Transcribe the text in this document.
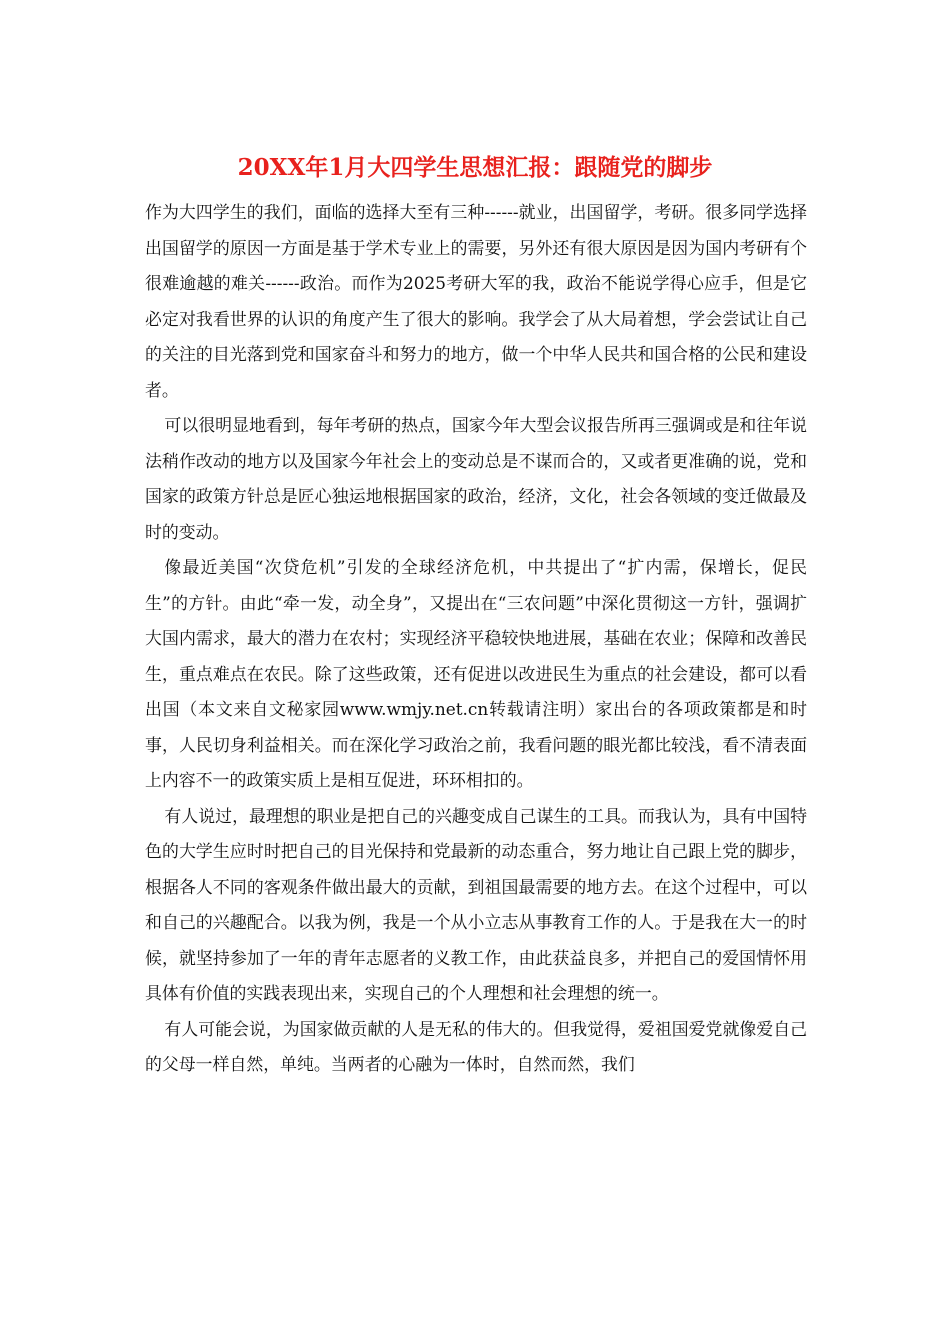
20XX年1月大四学生思想汇报：跟随党的脚步

作为大四学生的我们，面临的选择大至有三种------就业，出国留学，考研。很多同学选择出国留学的原因一方面是基于学术专业上的需要，另外还有很大原因是因为国内考研有个很难逾越的难关------政治。而作为2025考研大军的我，政治不能说学得心应手，但是它必定对我看世界的认识的角度产生了很大的影响。我学会了从大局着想，学会尝试让自己的关注的目光落到党和国家奋斗和努力的地方，做一个中华人民共和国合格的公民和建设者。

可以很明显地看到，每年考研的热点，国家今年大型会议报告所再三强调或是和往年说法稍作改动的地方以及国家今年社会上的变动总是不谋而合的，又或者更准确的说，党和国家的政策方针总是匠心独运地根据国家的政治，经济，文化，社会各领域的变迁做最及时的变动。

像最近美国“次贷危机”引发的全球经济危机，中共提出了“扩内需，保增长，促民生”的方针。由此“牵一发，动全身”，又提出在“三农问题”中深化贯彻这一方针，强调扩大国内需求，最大的潜力在农村；实现经济平稳较快地进展，基础在农业；保障和改善民生，重点难点在农民。除了这些政策，还有促进以改进民生为重点的社会建设，都可以看出国（本文来自文秘家园www.wmjy.net.cn转载请注明）家出台的各项政策都是和时事，人民切身利益相关。而在深化学习政治之前，我看问题的眼光都比较浅，看不清表面上内容不一的政策实质上是相互促进，环环相扣的。

有人说过，最理想的职业是把自己的兴趣变成自己谋生的工具。而我认为，具有中国特色的大学生应时时把自己的目光保持和党最新的动态重合，努力地让自己跟上党的脚步，根据各人不同的客观条件做出最大的贡献，到祖国最需要的地方去。在这个过程中，可以和自己的兴趣配合。以我为例，我是一个从小立志从事教育工作的人。于是我在大一的时候，就坚持参加了一年的青年志愿者的义教工作，由此获益良多，并把自己的爱国情怀用具体有价值的实践表现出来，实现自己的个人理想和社会理想的统一。

有人可能会说，为国家做贡献的人是无私的伟大的。但我觉得，爱祖国爱党就像爱自己的父母一样自然，单纯。当两者的心融为一体时，自然而然，我们
